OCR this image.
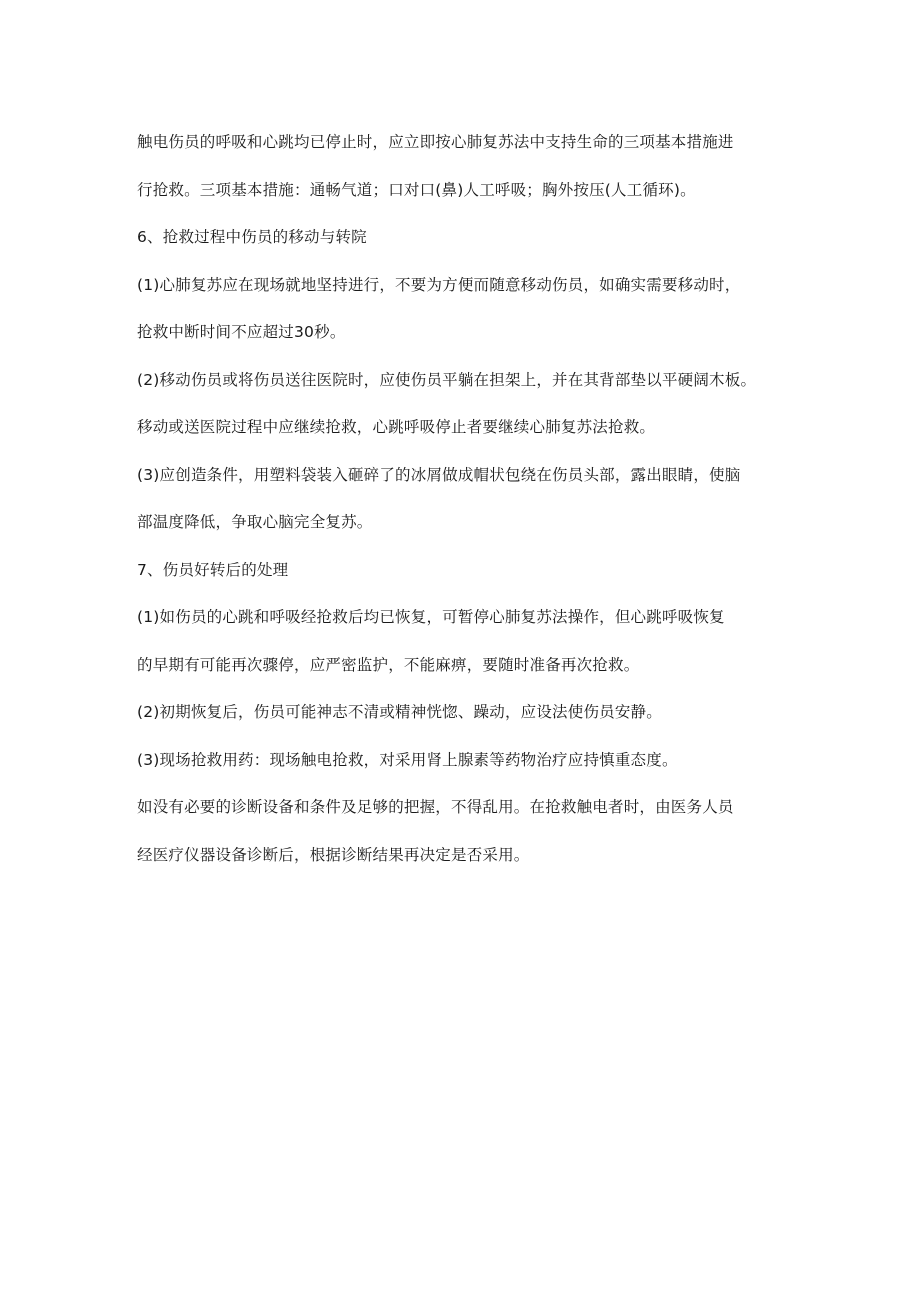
触电伤员的呼吸和心跳均已停止时，应立即按心肺复苏法中支持生命的三项基本措施进
行抢救。三项基本措施：通畅气道；口对口(鼻)人工呼吸；胸外按压(人工循环)。
6、抢救过程中伤员的移动与转院
(1)心肺复苏应在现场就地坚持进行，不要为方便而随意移动伤员，如确实需要移动时，
抢救中断时间不应超过30秒。
(2)移动伤员或将伤员送往医院时，应使伤员平躺在担架上，并在其背部垫以平硬阔木板。
移动或送医院过程中应继续抢救，心跳呼吸停止者要继续心肺复苏法抢救。
(3)应创造条件，用塑料袋装入砸碎了的冰屑做成帽状包绕在伤员头部，露出眼睛，使脑
部温度降低，争取心脑完全复苏。
7、伤员好转后的处理
(1)如伤员的心跳和呼吸经抢救后均已恢复，可暂停心肺复苏法操作，但心跳呼吸恢复
的早期有可能再次骤停，应严密监护，不能麻痹，要随时准备再次抢救。
(2)初期恢复后，伤员可能神志不清或精神恍惚、躁动，应设法使伤员安静。
(3)现场抢救用药：现场触电抢救，对采用肾上腺素等药物治疗应持慎重态度。
如没有必要的诊断设备和条件及足够的把握，不得乱用。在抢救触电者时，由医务人员
经医疗仪器设备诊断后，根据诊断结果再决定是否采用。
